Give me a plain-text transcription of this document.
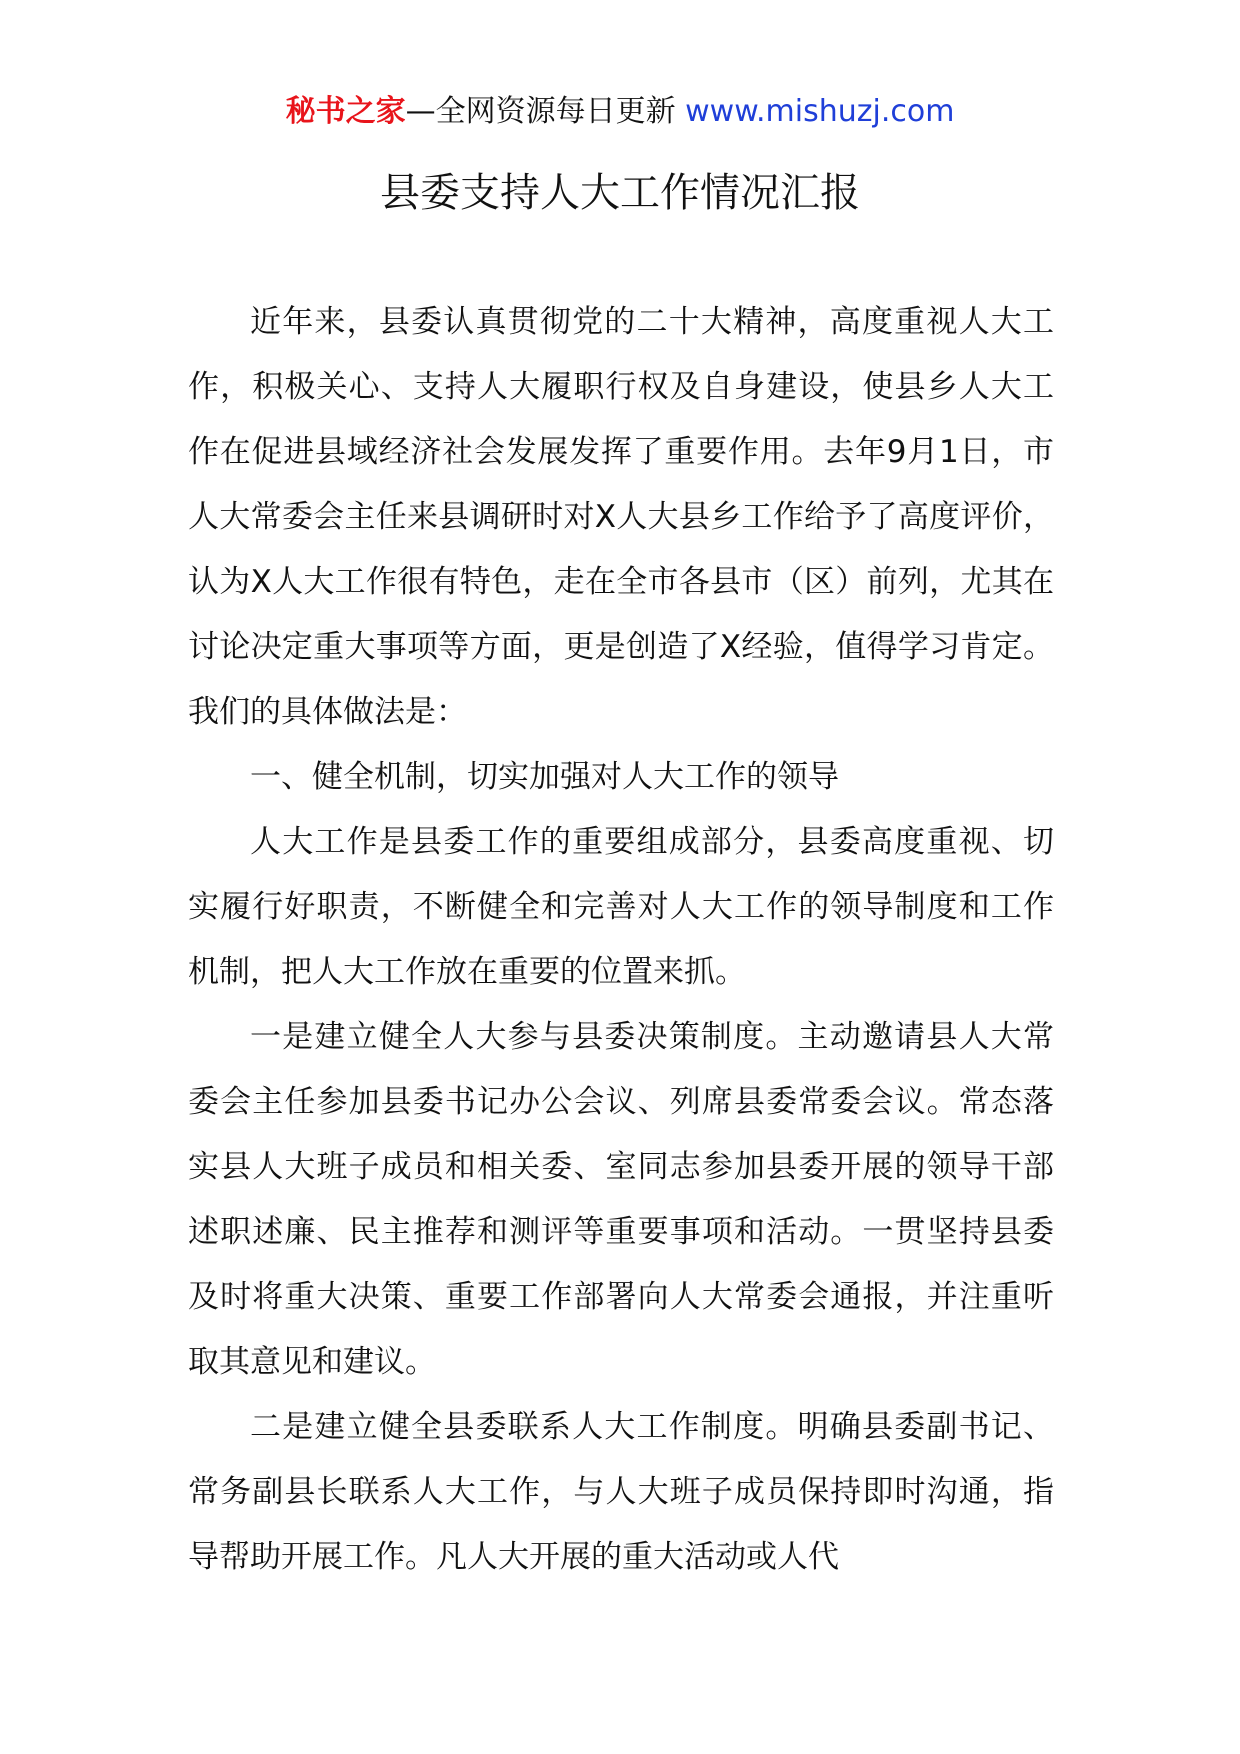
秘书之家—全网资源每日更新 www.mishuzj.com
县委支持人大工作情况汇报

近年来，县委认真贯彻党的二十大精神，高度重视人大工作，积极关心、支持人大履职行权及自身建设，使县乡人大工作在促进县域经济社会发展发挥了重要作用。去年9月1日，市人大常委会主任来县调研时对X人大县乡工作给予了高度评价，认为X人大工作很有特色，走在全市各县市（区）前列，尤其在讨论决定重大事项等方面，更是创造了X经验，值得学习肯定。我们的具体做法是：

一、健全机制，切实加强对人大工作的领导

人大工作是县委工作的重要组成部分，县委高度重视、切实履行好职责，不断健全和完善对人大工作的领导制度和工作机制，把人大工作放在重要的位置来抓。

一是建立健全人大参与县委决策制度。主动邀请县人大常委会主任参加县委书记办公会议、列席县委常委会议。常态落实县人大班子成员和相关委、室同志参加县委开展的领导干部述职述廉、民主推荐和测评等重要事项和活动。一贯坚持县委及时将重大决策、重要工作部署向人大常委会通报，并注重听取其意见和建议。

二是建立健全县委联系人大工作制度。明确县委副书记、常务副县长联系人大工作，与人大班子成员保持即时沟通，指导帮助开展工作。凡人大开展的重大活动或人代
